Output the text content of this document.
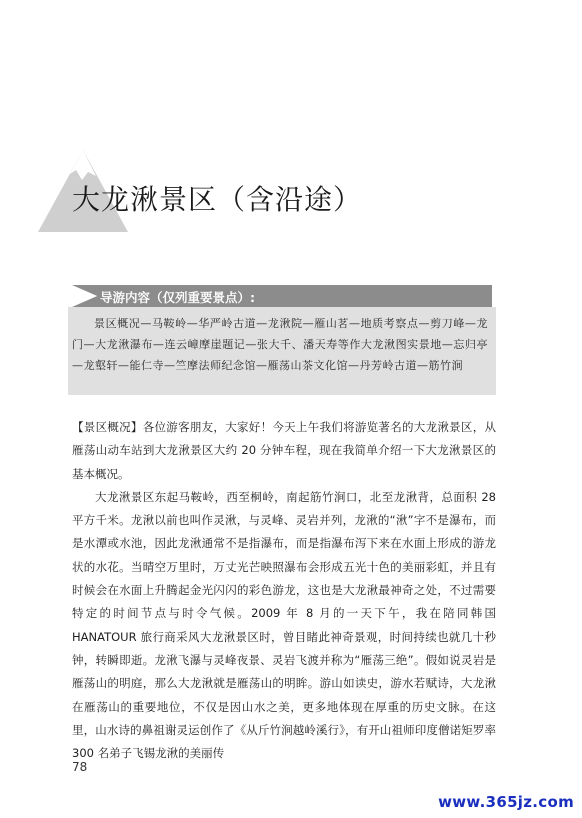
大龙湫景区（含沿途）
导游内容（仅列重要景点）:
景区概况—马鞍岭—华严岭古道—龙湫院—雁山茗—地质考察点—剪刀峰—龙门—大龙湫瀑布—连云嶂摩崖题记—张大千、潘天寿等作大龙湫图实景地—忘归亭—龙壑轩—能仁寺—竺摩法师纪念馆—雁荡山茶文化馆—丹芳岭古道—筋竹涧

【景区概况】各位游客朋友，大家好！今天上午我们将游览著名的大龙湫景区，从雁荡山动车站到大龙湫景区大约 20 分钟车程，现在我简单介绍一下大龙湫景区的基本概况。

大龙湫景区东起马鞍岭，西至桐岭，南起筋竹涧口，北至龙湫背，总面积 28 平方千米。龙湫以前也叫作灵湫，与灵峰、灵岩并列，龙湫的“湫”字不是瀑布，而是水潭或水池，因此龙湫通常不是指瀑布，而是指瀑布泻下来在水面上形成的游龙状的水花。当晴空万里时，万丈光芒映照瀑布会形成五光十色的美丽彩虹，并且有时候会在水面上升腾起金光闪闪的彩色游龙，这也是大龙湫最神奇之处，不过需要特定的时间节点与时令气候。2009 年 8 月的一天下午，我在陪同韩国 HANATOUR 旅行商采风大龙湫景区时，曾目睹此神奇景观，时间持续也就几十秒钟，转瞬即逝。龙湫飞瀑与灵峰夜景、灵岩飞渡并称为“雁荡三绝”。假如说灵岩是雁荡山的明庭，那么大龙湫就是雁荡山的明眸。游山如读史，游水若赋诗，大龙湫在雁荡山的重要地位，不仅是因山水之美，更多地体现在厚重的历史文脉。在这里，山水诗的鼻祖谢灵运创作了《从斤竹涧越岭溪行》，有开山祖师印度僧诺矩罗率 300 名弟子飞锡龙湫的美丽传

78
www.365jz.com
